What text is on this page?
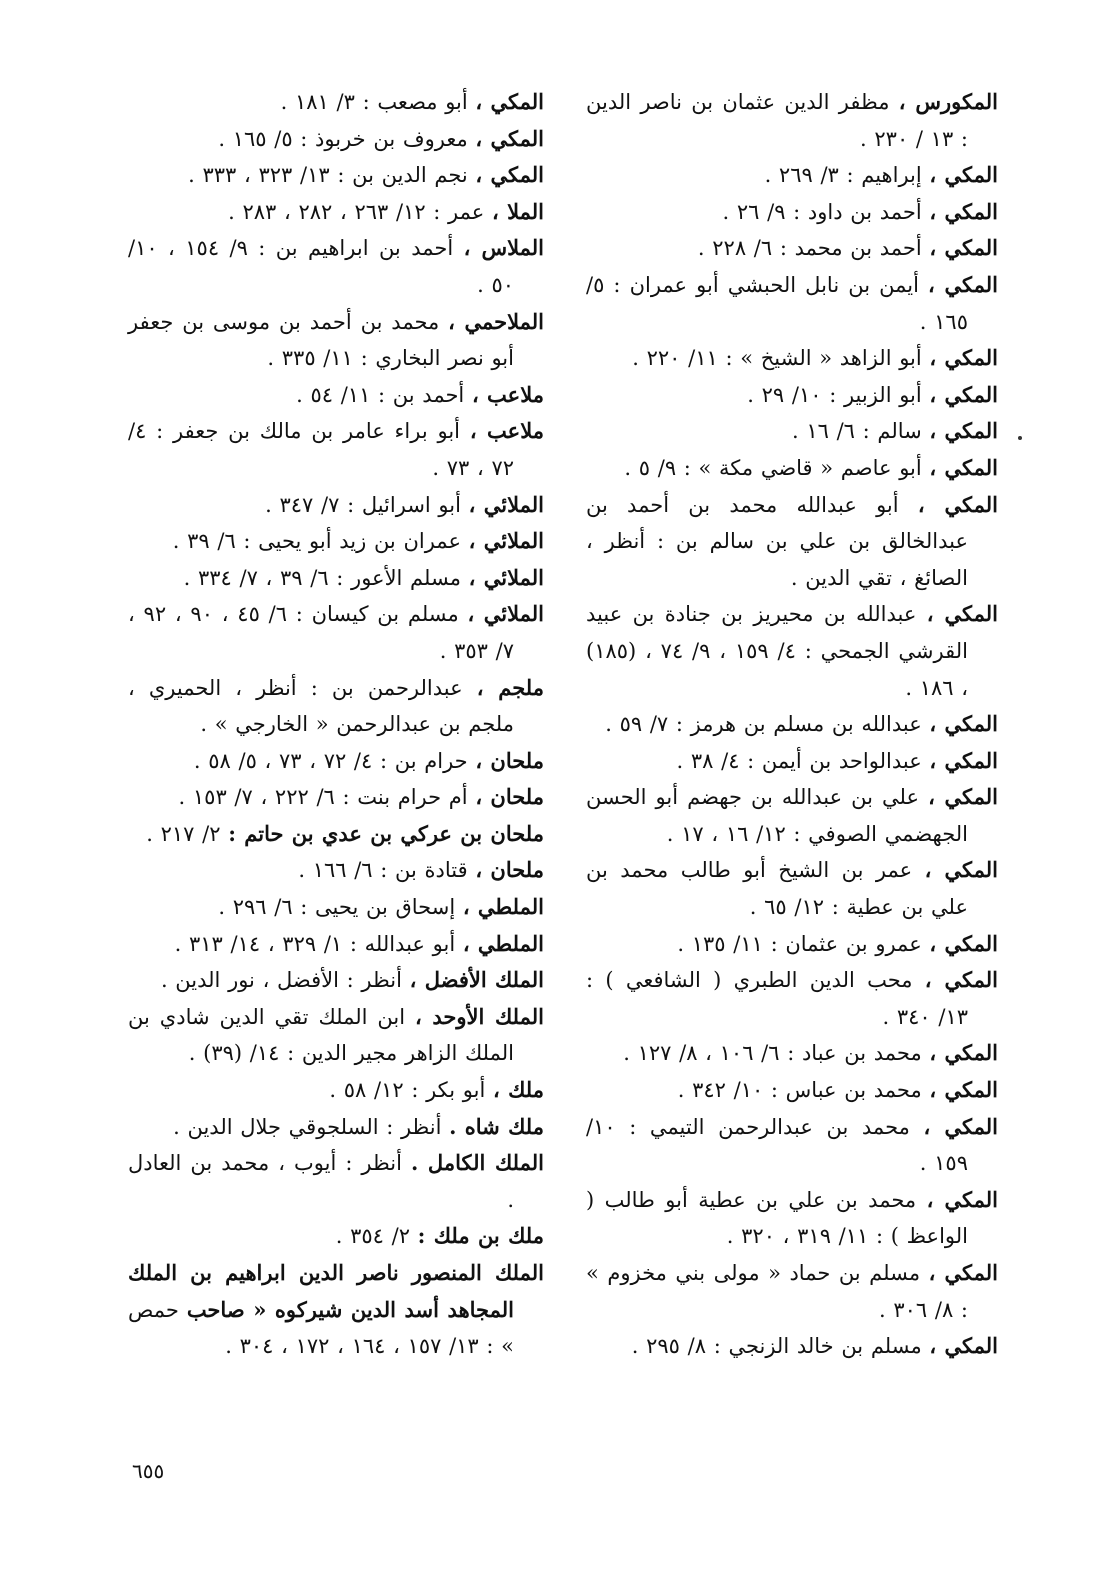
المكورس ، مظفر الدين عثمان بن ناصر الدين : ١٣ / ٢٣٠ .
المكي ، إبراهيم : ٣/ ٢٦٩ .
المكي ، أحمد بن داود : ٩/ ٢٦ .
المكي ، أحمد بن محمد : ٦/ ٢٢٨ .
المكي ، أيمن بن نابل الحبشي أبو عمران : ٥/ ١٦٥ .
المكي ، أبو الزاهد « الشيخ » : ١١/ ٢٢٠ .
المكي ، أبو الزبير : ١٠/ ٢٩ .
المكي ، سالم : ٦/ ١٦ .
المكي ، أبو عاصم « قاضي مكة » : ٩/ ٥ .
المكي ، أبو عبدالله محمد بن أحمد بن عبدالخالق بن علي بن سالم بن : أنظر ، الصائغ ، تقي الدين .
المكي ، عبدالله بن محيريز بن جنادة بن عبيد القرشي الجمحي : ٤/ ١٥٩ ، ٩/ ٧٤ ، (١٨٥) ، ١٨٦ .
المكي ، عبدالله بن مسلم بن هرمز : ٧/ ٥٩ .
المكي ، عبدالواحد بن أيمن : ٤/ ٣٨ .
المكي ، علي بن عبدالله بن جهضم أبو الحسن الجهضمي الصوفي : ١٢/ ١٦ ، ١٧ .
المكي ، عمر بن الشيخ أبو طالب محمد بن علي بن عطية : ١٢/ ٦٥ .
المكي ، عمرو بن عثمان : ١١/ ١٣٥ .
المكي ، محب الدين الطبري ( الشافعي ) : ١٣/ ٣٤٠ .
المكي ، محمد بن عباد : ٦/ ١٠٦ ، ٨/ ١٢٧ .
المكي ، محمد بن عباس : ١٠/ ٣٤٢ .
المكي ، محمد بن عبدالرحمن التيمي : ١٠/ ١٥٩ .
المكي ، محمد بن علي بن عطية أبو طالب ( الواعظ ) : ١١/ ٣١٩ ، ٣٢٠ .
المكي ، مسلم بن حماد « مولى بني مخزوم » : ٨/ ٣٠٦ .
المكي ، مسلم بن خالد الزنجي : ٨/ ٢٩٥ .
المكي ، أبو مصعب : ٣/ ١٨١ .
المكي ، معروف بن خربوذ : ٥/ ١٦٥ .
المكي ، نجم الدين بن : ١٣/ ٣٢٣ ، ٣٣٣ .
الملا ، عمر : ١٢/ ٢٦٣ ، ٢٨٢ ، ٢٨٣ .
الملاس ، أحمد بن ابراهيم بن : ٩/ ١٥٤ ، ١٠/ ٥٠ .
الملاحمي ، محمد بن أحمد بن موسى بن جعفر أبو نصر البخاري : ١١/ ٣٣٥ .
ملاعب ، أحمد بن : ١١/ ٥٤ .
ملاعب ، أبو براء عامر بن مالك بن جعفر : ٤/ ٧٢ ، ٧٣ .
الملائي ، أبو اسرائيل : ٧/ ٣٤٧ .
الملائي ، عمران بن زيد أبو يحيى : ٦/ ٣٩ .
الملائي ، مسلم الأعور : ٦/ ٣٩ ، ٧/ ٣٣٤ .
الملائي ، مسلم بن كيسان : ٦/ ٤٥ ، ٩٠ ، ٩٢ ، ٧/ ٣٥٣ .
ملجم ، عبدالرحمن بن : أنظر ، الحميري ، ملجم بن عبدالرحمن « الخارجي » .
ملحان ، حرام بن : ٤/ ٧٢ ، ٧٣ ، ٥/ ٥٨ .
ملحان ، أم حرام بنت : ٦/ ٢٢٢ ، ٧/ ١٥٣ .
ملحان بن عركي بن عدي بن حاتم : ٢/ ٢١٧ .
ملحان ، قتادة بن : ٦/ ١٦٦ .
الملطي ، إسحاق بن يحيى : ٦/ ٢٩٦ .
الملطي ، أبو عبدالله : ١/ ٣٢٩ ، ١٤/ ٣١٣ .
الملك الأفضل ، أنظر : الأفضل ، نور الدين .
الملك الأوحد ، ابن الملك تقي الدين شادي بن الملك الزاهر مجير الدين : ١٤/ (٣٩) .
ملك ، أبو بكر : ١٢/ ٥٨ .
ملك شاه . أنظر : السلجوقي جلال الدين .
الملك الكامل . أنظر : أيوب ، محمد بن العادل .
ملك بن ملك : ٢/ ٣٥٤ .
الملك المنصور ناصر الدين ابراهيم بن الملك المجاهد أسد الدين شيركوه « صاحب حمص » : ١٣/ ١٥٧ ، ١٦٤ ، ١٧٢ ، ٣٠٤ .
٦٥٥
